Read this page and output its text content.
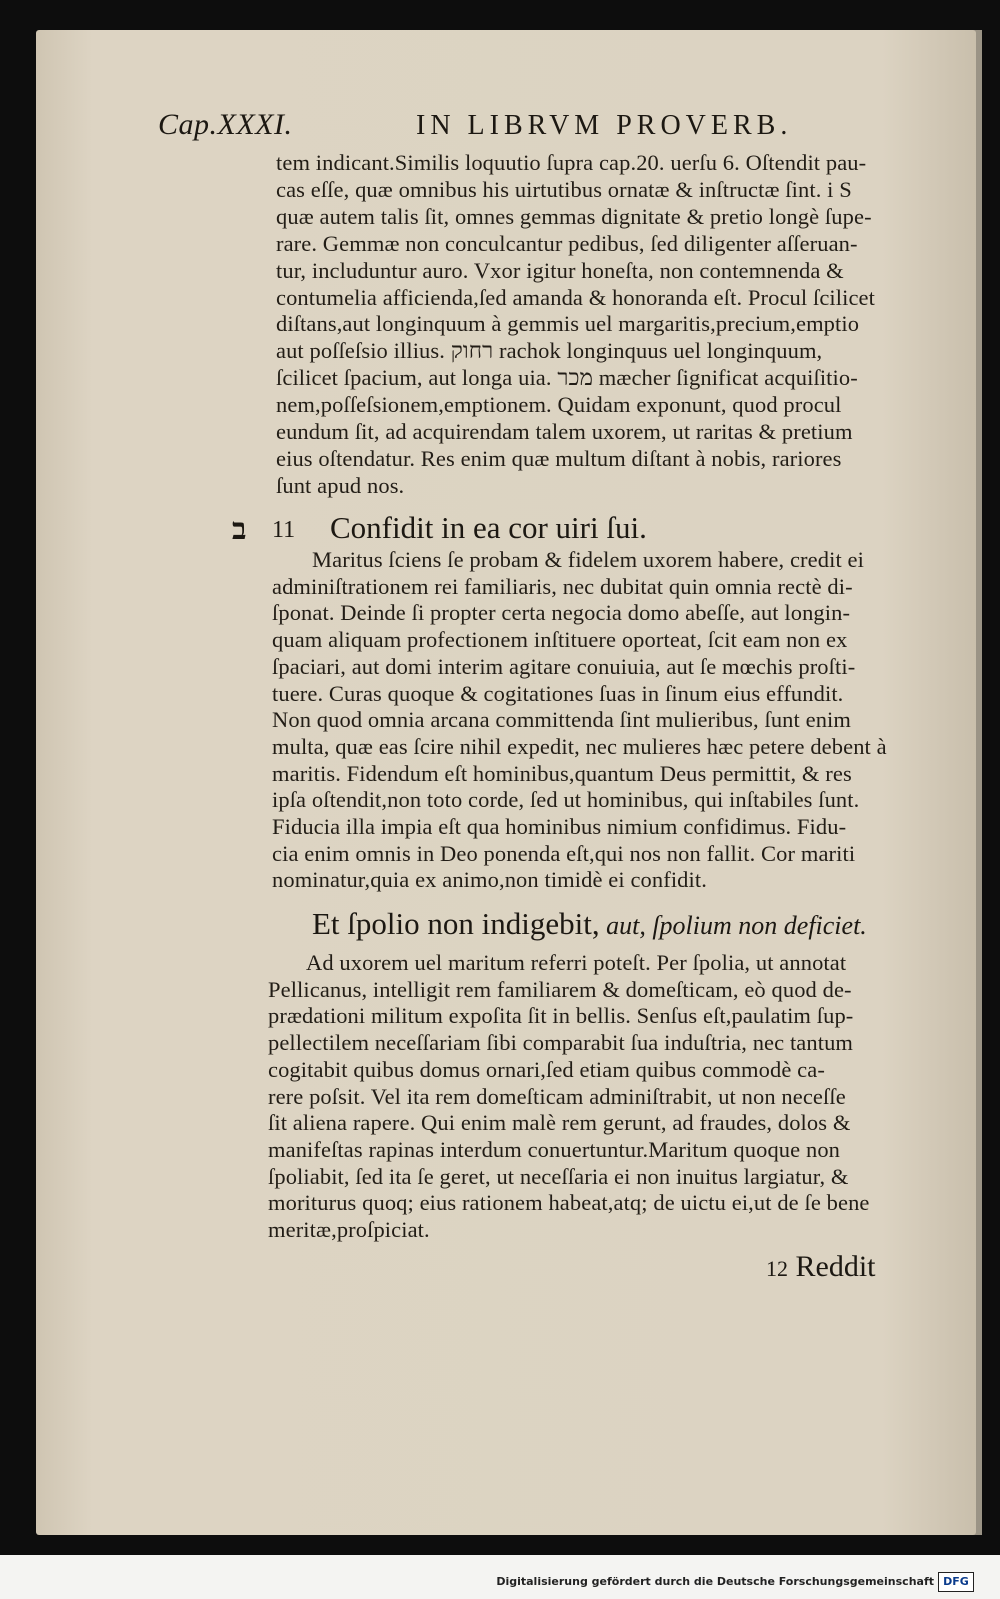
Cap.XXXI.	IN LIBRVM PROVERB.
tem indicant.Similis loquutio ſupra cap.20. uerſu 6. Oſtendit pau-
cas eſſe, quæ omnibus his uirtutibus ornatæ & inſtructæ ſint. i S
quæ autem talis ſit, omnes gemmas dignitate & pretio longè ſupe-
rare. Gemmæ non conculcantur pedibus, ſed diligenter aſſeruan-
tur, includuntur auro. Vxor igitur honeſta, non contemnenda &
contumelia afficienda,ſed amanda & honoranda eſt. Procul ſcilicet
diſtans,aut longinquum à gemmis uel margaritis,precium,emptio
aut poſſeſsio illius. רחוק rachok longinquus uel longinquum,
ſcilicet ſpacium, aut longa uia. מכר mæcher ſignificat acquiſitio-
nem,poſſeſsionem,emptionem. Quidam exponunt, quod procul
eundum ſit, ad acquirendam talem uxorem, ut raritas & pretium
eius oſtendatur. Res enim quæ multum diſtant à nobis, rariores
ſunt apud nos.
ב 11 Confidit in ea cor uiri ſui.
Maritus ſciens ſe probam & fidelem uxorem habere, credit ei
adminiſtrationem rei familiaris, nec dubitat quin omnia rectè di-
ſponat. Deinde ſi propter certa negocia domo abeſſe, aut longin-
quam aliquam profectionem inſtituere oporteat, ſcit eam non ex
ſpaciari, aut domi interim agitare conuiuia, aut ſe mœchis proſti-
tuere. Curas quoque & cogitationes ſuas in ſinum eius effundit.
Non quod omnia arcana committenda ſint mulieribus, ſunt enim
multa, quæ eas ſcire nihil expedit, nec mulieres hæc petere debent à
maritis. Fidendum eſt hominibus,quantum Deus permittit, & res
ipſa oſtendit,non toto corde, ſed ut hominibus, qui inſtabiles ſunt.
Fiducia illa impia eſt qua hominibus nimium confidimus. Fidu-
cia enim omnis in Deo ponenda eſt,qui nos non fallit. Cor mariti
nominatur,quia ex animo,non timidè ei confidit.
Et ſpolio non indigebit, aut, ſpolium non deficiet.
Ad uxorem uel maritum referri poteſt. Per ſpolia, ut annotat
Pellicanus, intelligit rem familiarem & domeſticam, eò quod de-
prædationi militum expoſita ſit in bellis. Senſus eſt,paulatim ſup-
pellectilem neceſſariam ſibi comparabit ſua induſtria, nec tantum
cogitabit quibus domus ornari,ſed etiam quibus commodè ca-
rere poſsit. Vel ita rem domeſticam adminiſtrabit, ut non neceſſe
ſit aliena rapere. Qui enim malè rem gerunt, ad fraudes, dolos &
manifeſtas rapinas interdum conuertuntur.Maritum quoque non
ſpoliabit, ſed ita ſe geret, ut neceſſaria ei non inuitus largiatur, &
moriturus quoq; eius rationem habeat,atq; de uictu ei,ut de ſe bene
meritæ,proſpiciat.
12 Reddit
Digitalisierung gefördert durch die Deutsche Forschungsgemeinschaft DFG
